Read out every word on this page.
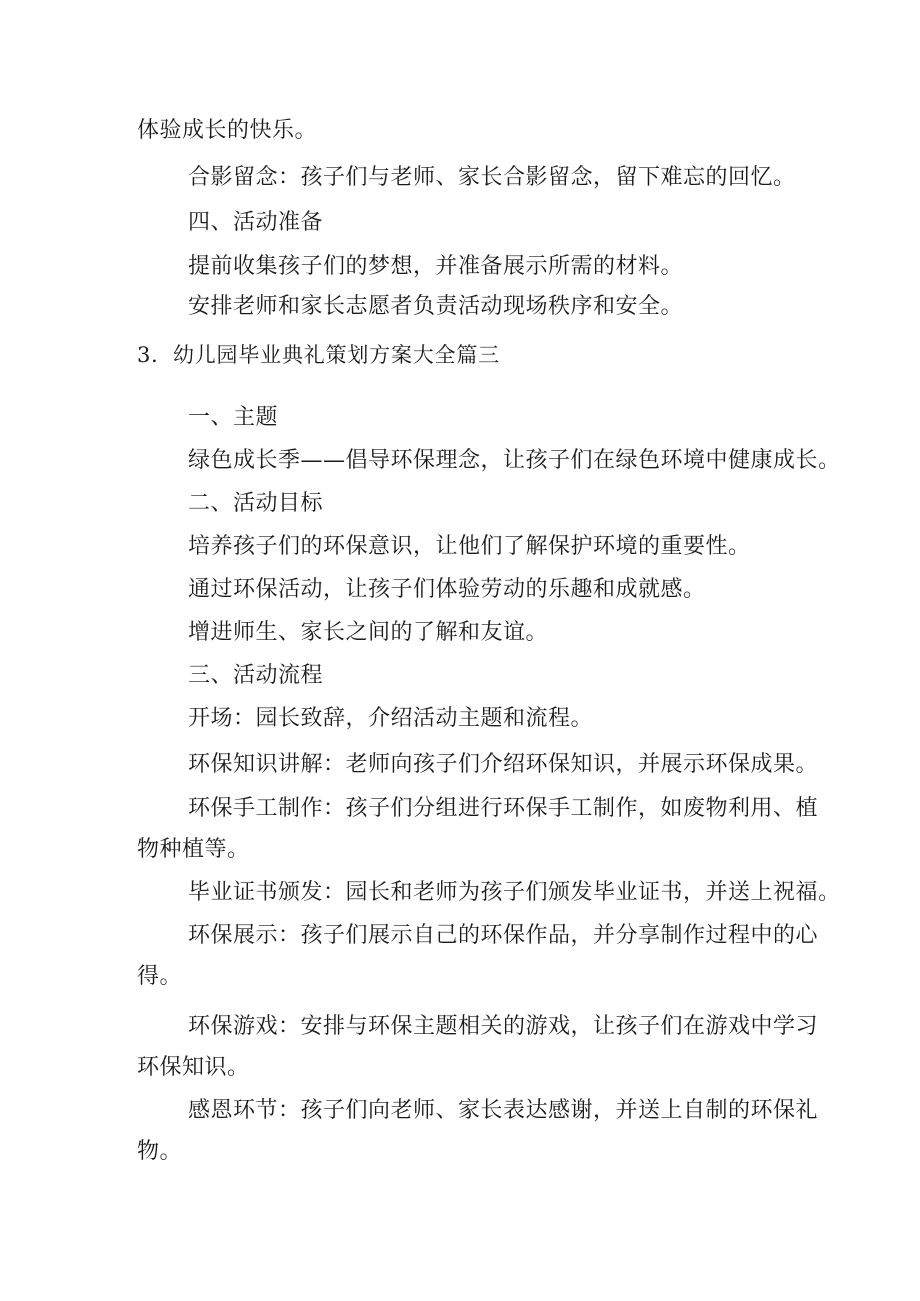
体验成长的快乐。
合影留念：孩子们与老师、家长合影留念，留下难忘的回忆。
四、活动准备
提前收集孩子们的梦想，并准备展示所需的材料。
安排老师和家长志愿者负责活动现场秩序和安全。
3．幼儿园毕业典礼策划方案大全篇三
一、主题
绿色成长季——倡导环保理念，让孩子们在绿色环境中健康成长。
二、活动目标
培养孩子们的环保意识，让他们了解保护环境的重要性。
通过环保活动，让孩子们体验劳动的乐趣和成就感。
增进师生、家长之间的了解和友谊。
三、活动流程
开场：园长致辞，介绍活动主题和流程。
环保知识讲解：老师向孩子们介绍环保知识，并展示环保成果。
环保手工制作：孩子们分组进行环保手工制作，如废物利用、植
物种植等。
毕业证书颁发：园长和老师为孩子们颁发毕业证书，并送上祝福。
环保展示：孩子们展示自己的环保作品，并分享制作过程中的心
得。
环保游戏：安排与环保主题相关的游戏，让孩子们在游戏中学习
环保知识。
感恩环节：孩子们向老师、家长表达感谢，并送上自制的环保礼
物。
